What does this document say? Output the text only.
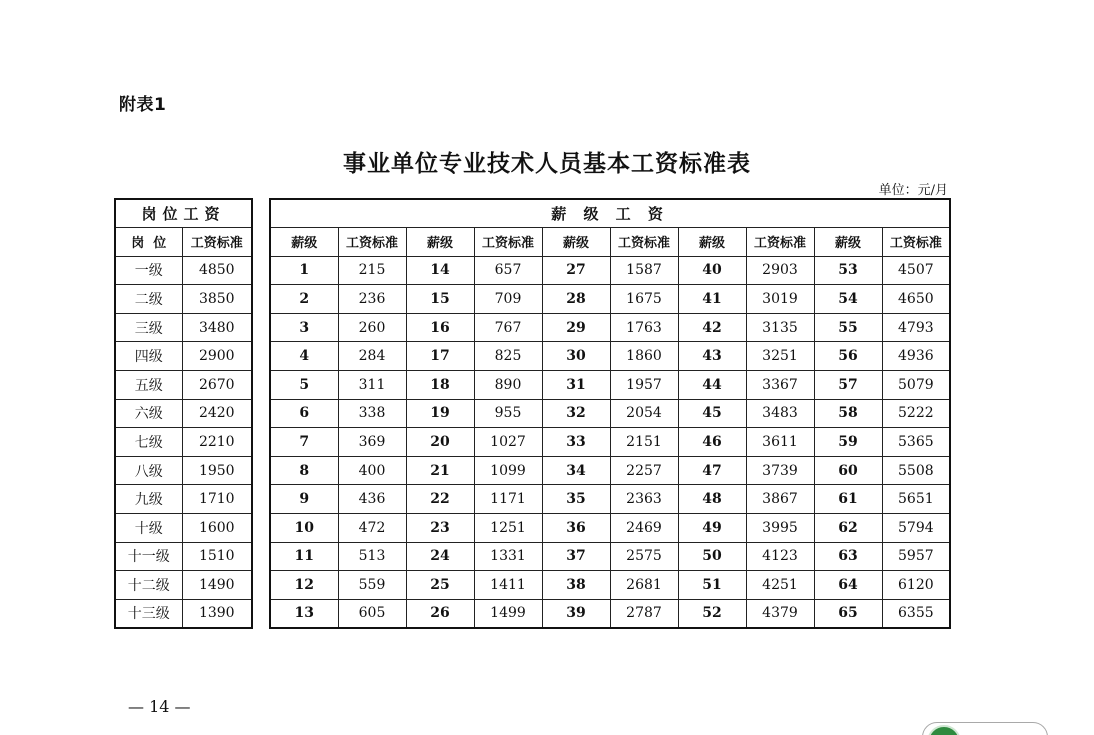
附表1
事业单位专业技术人员基本工资标准表
单位：元/月
岗位工资	
岗  位	工资标准
一级	4850
二级	3850
三级	3480
四级	2900
五级	2670
六级	2420
七级	2210
八级	1950
九级	1710
十级	1600
十一级	1510
十二级	1490
十三级	1390
薪 级 工 资									
薪级	工资标准	薪级	工资标准	薪级	工资标准	薪级	工资标准	薪级	工资标准
1	215	14	657	27	1587	40	2903	53	4507
2	236	15	709	28	1675	41	3019	54	4650
3	260	16	767	29	1763	42	3135	55	4793
4	284	17	825	30	1860	43	3251	56	4936
5	311	18	890	31	1957	44	3367	57	5079
6	338	19	955	32	2054	45	3483	58	5222
7	369	20	1027	33	2151	46	3611	59	5365
8	400	21	1099	34	2257	47	3739	60	5508
9	436	22	1171	35	2363	48	3867	61	5651
10	472	23	1251	36	2469	49	3995	62	5794
11	513	24	1331	37	2575	50	4123	63	5957
12	559	25	1411	38	2681	51	4251	64	6120
13	605	26	1499	39	2787	52	4379	65	6355
— 14 —
